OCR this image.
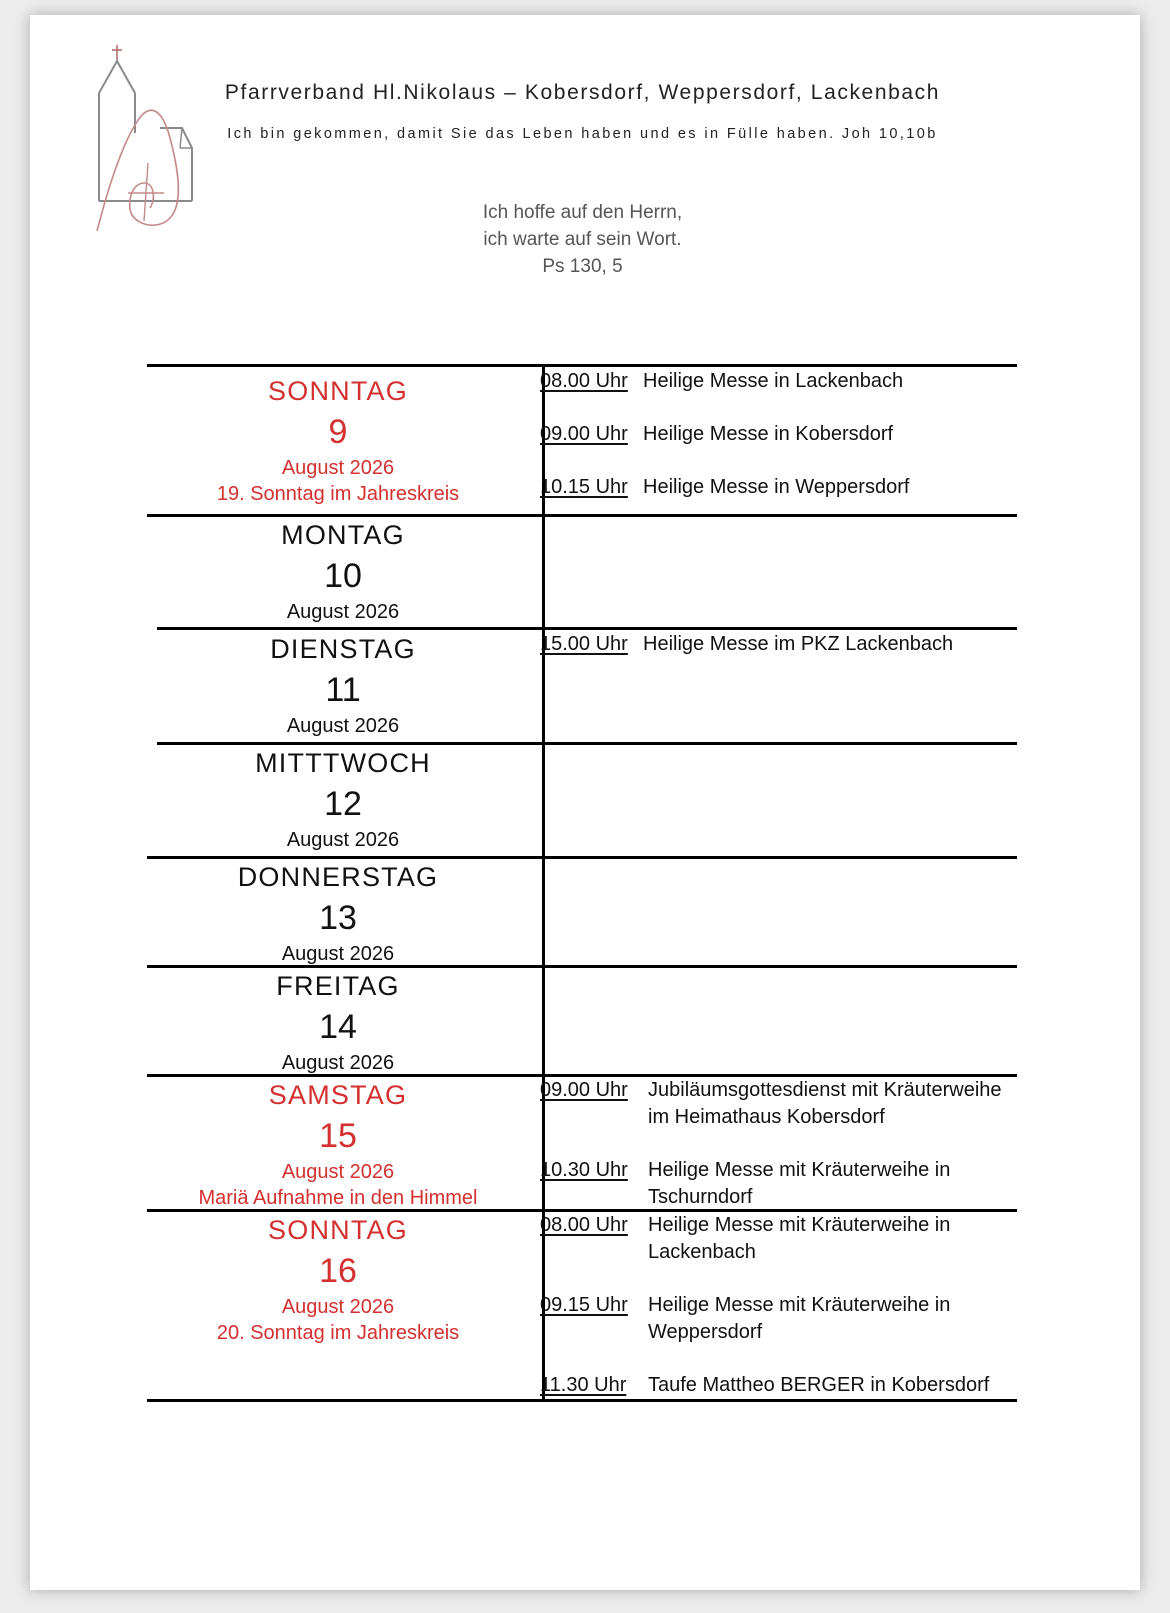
Pfarrverband Hl.Nikolaus – Kobersdorf, Weppersdorf, Lackenbach
Ich bin gekommen, damit Sie das Leben haben und es in Fülle haben. Joh 10,10b
Ich hoffe auf den Herrn,
ich warte auf sein Wort.
Ps 130, 5
SONNTAG
9
August 2026
19. Sonntag im Jahreskreis
08.00 Uhr Heilige Messe in Lackenbach
09.00 Uhr Heilige Messe in Kobersdorf
10.15 Uhr Heilige Messe in Weppersdorf
MONTAG
10
August 2026
DIENSTAG
11
August 2026
15.00 Uhr Heilige Messe im PKZ Lackenbach
MITTTWOCH
12
August 2026
DONNERSTAG
13
August 2026
FREITAG
14
August 2026
SAMSTAG
15
August 2026
Mariä Aufnahme in den Himmel
09.00 Uhr Jubiläumsgottesdienst mit Kräuterweihe
im Heimathaus Kobersdorf
10.30 Uhr Heilige Messe mit Kräuterweihe in
Tschurndorf
SONNTAG
16
August 2026
20. Sonntag im Jahreskreis
08.00 Uhr Heilige Messe mit Kräuterweihe in
Lackenbach
09.15 Uhr Heilige Messe mit Kräuterweihe in
Weppersdorf
11.30 Uhr Taufe Mattheo BERGER in Kobersdorf
